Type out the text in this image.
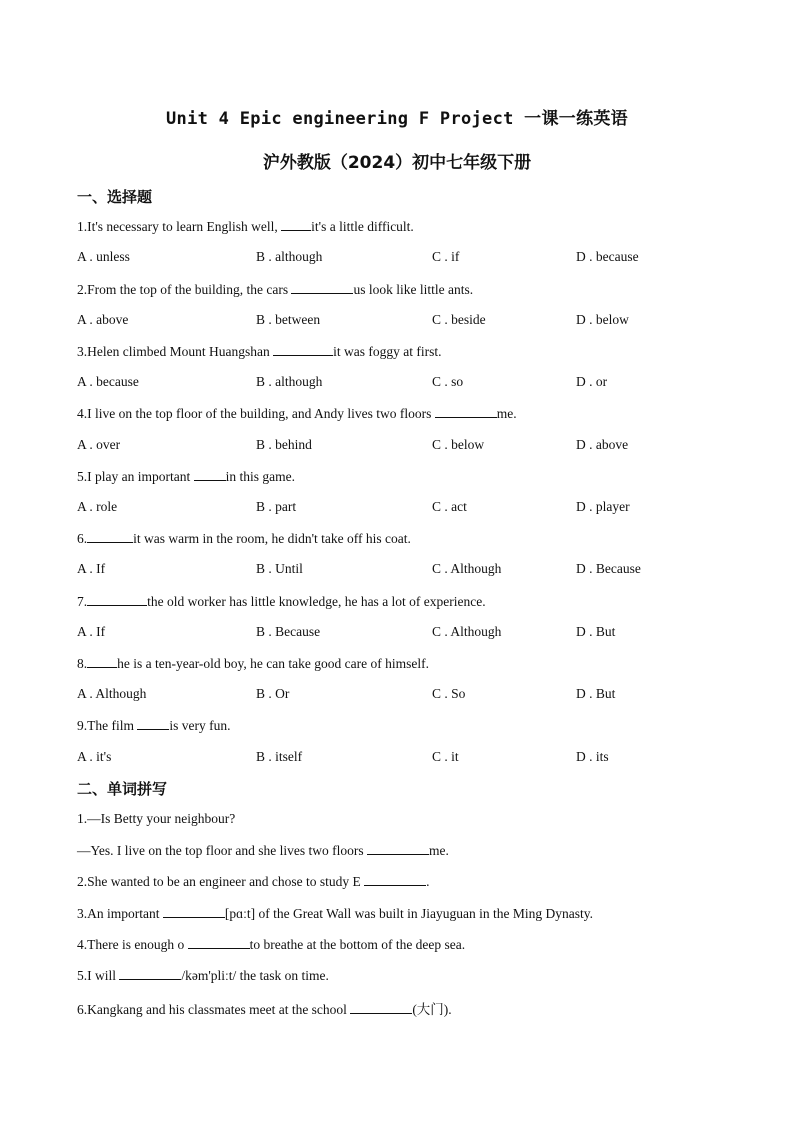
Unit 4 Epic engineering F Project 一课一练英语
沪外教版（2024）初中七年级下册
一、选择题
1.It's necessary to learn English well, it's a little difficult.
A . unless	B . although	C . if	D . because
2.From the top of the building, the cars	us look like little ants.
A . above	B . between	C . beside	D . below
3.Helen climbed Mount Huangshan	it was foggy at first.
A . because	B . although	C . so	D . or
4.I live on the top floor of the building, and Andy lives two floors	me.
A . over	B . behind	C . below	D . above
5.I play an important in this game.
A . role	B . part	C . act	D . player
6.	it was warm in the room, he didn't take off his coat.
A . If	B . Until	C . Although	D . Because
7.	the old worker has little knowledge, he has a lot of experience.
A . If	B . Because	C . Although	D . But
8. he is a ten-year-old boy, he can take good care of himself.
A . Although	B . Or	C . So	D . But
9.The film is very fun.
A . it's	B . itself	C . it	D . its
二、单词拼写
1.—Is Betty your neighbour?
—Yes. I live on the top floor and she lives two floors	me.
2.She wanted to be an engineer and chose to study E	.
3.An important	[pɑːt] of the Great Wall was built in Jiayuguan in the Ming Dynasty.
4.There is enough o	to breathe at the bottom of the deep sea.
5.I will	/kəm'pliːt/ the task on time.
6.Kangkang and his classmates meet at the school	(大门).
